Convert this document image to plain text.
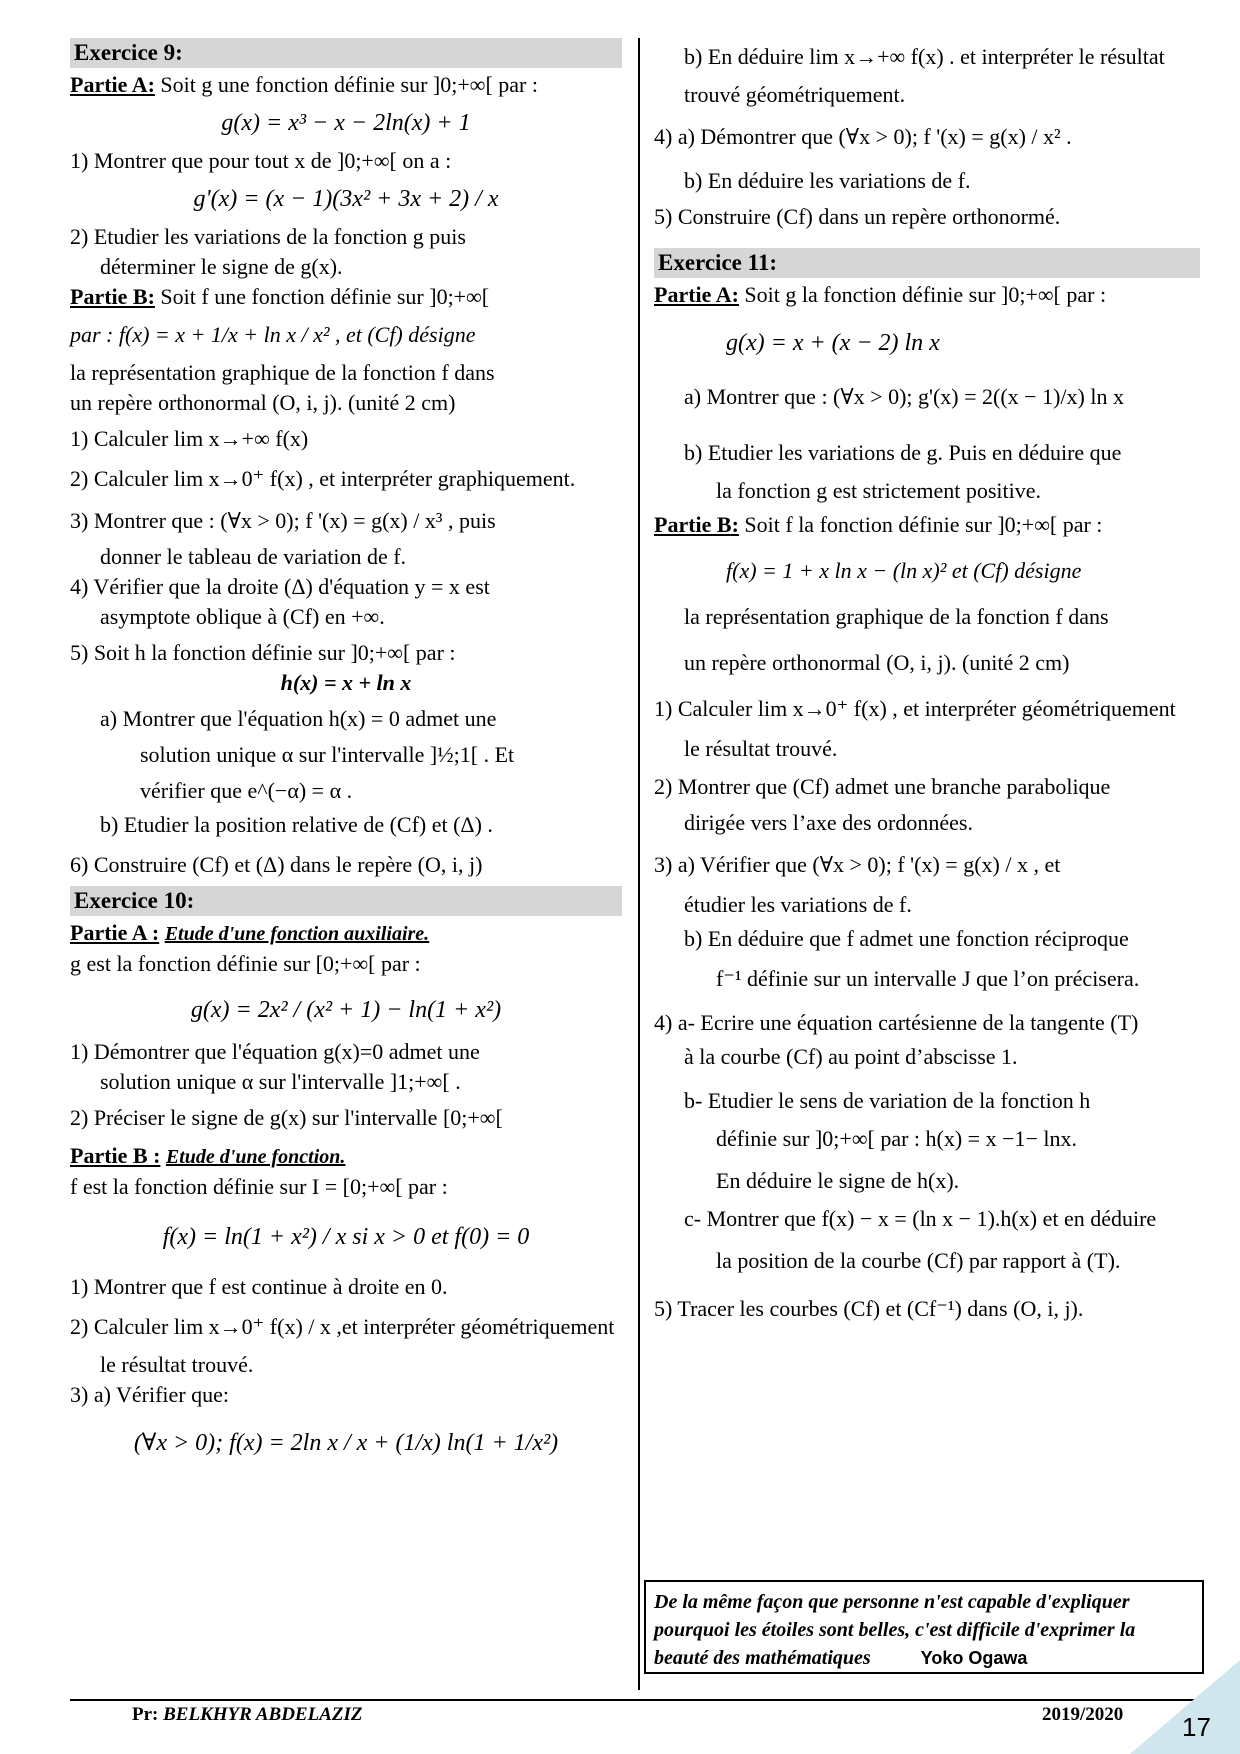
Exercice 9:

Partie A: Soit g une fonction définie sur ]0;+∞[ par :

g(x) = x³ − x − 2ln(x) + 1

1) Montrer que pour tout x de ]0;+∞[ on a :

g'(x) = (x − 1)(3x² + 3x + 2) / x

2) Etudier les variations de la fonction g puis

déterminer le signe de g(x).

Partie B: Soit f une fonction définie sur ]0;+∞[

par : f(x) = x + 1/x + ln x / x² , et (Cf) désigne

la représentation graphique de la fonction f dans

un repère orthonormal (O, i, j). (unité 2 cm)

1) Calculer lim x→+∞ f(x)

2) Calculer lim x→0⁺ f(x) , et interpréter graphiquement.

3) Montrer que : (∀x > 0); f '(x) = g(x) / x³ , puis

donner le tableau de variation de f.

4) Vérifier que la droite (Δ) d'équation y = x est

asymptote oblique à (Cf) en +∞.

5) Soit h la fonction définie sur ]0;+∞[ par :

h(x) = x + ln x

a) Montrer que l'équation h(x) = 0 admet une

solution unique α sur l'intervalle ]½;1[ . Et

vérifier que e^(−α) = α .

b) Etudier la position relative de (Cf) et (Δ) .

6) Construire (Cf) et (Δ) dans le repère (O, i, j)

Exercice 10:

Partie A : Etude d'une fonction auxiliaire.

g est la fonction définie sur [0;+∞[ par :

g(x) = 2x² / (x² + 1) − ln(1 + x²)

1) Démontrer que l'équation g(x)=0 admet une

solution unique α sur l'intervalle ]1;+∞[ .

2) Préciser le signe de g(x) sur l'intervalle [0;+∞[

Partie B : Etude d'une fonction.

f est la fonction définie sur I = [0;+∞[ par :

f(x) = ln(1 + x²) / x si x > 0 et f(0) = 0

1) Montrer que f est continue à droite en 0.

2) Calculer lim x→0⁺ f(x) / x ,et interpréter géométriquement

le résultat trouvé.

3) a) Vérifier que:

(∀x > 0); f(x) = 2ln x / x + (1/x) ln(1 + 1/x²)

b) En déduire lim x→+∞ f(x) . et interpréter le résultat

trouvé géométriquement.

4) a) Démontrer que (∀x > 0); f '(x) = g(x) / x² .

b) En déduire les variations de f.

5) Construire (Cf) dans un repère orthonormé.

Exercice 11:

Partie A: Soit g la fonction définie sur ]0;+∞[ par :

g(x) = x + (x − 2) ln x

a) Montrer que : (∀x > 0); g'(x) = 2((x − 1)/x) ln x

b) Etudier les variations de g. Puis en déduire que

la fonction g est strictement positive.

Partie B: Soit f la fonction définie sur ]0;+∞[ par :

f(x) = 1 + x ln x − (ln x)² et (Cf) désigne

la représentation graphique de la fonction f dans

un repère orthonormal (O, i, j). (unité 2 cm)

1) Calculer lim x→0⁺ f(x) , et interpréter géométriquement

le résultat trouvé.

2) Montrer que (Cf) admet une branche parabolique

dirigée vers l’axe des ordonnées.

3) a) Vérifier que (∀x > 0); f '(x) = g(x) / x , et

étudier les variations de f.

b) En déduire que f admet une fonction réciproque

f⁻¹ définie sur un intervalle J que l’on précisera.

4) a- Ecrire une équation cartésienne de la tangente (T)

à la courbe (Cf) au point d’abscisse 1.

b- Etudier le sens de variation de la fonction h

définie sur ]0;+∞[ par : h(x) = x −1− lnx.

En déduire le signe de h(x).

c- Montrer que f(x) − x = (ln x − 1).h(x) et en déduire

la position de la courbe (Cf) par rapport à (T).

5) Tracer les courbes (Cf) et (Cf⁻¹) dans (O, i, j).

De la même façon que personne n'est capable d'expliquer
pourquoi les étoiles sont belles, c'est difficile d'exprimer la
beauté des mathématiques	Yoko Ogawa
Pr: BELKHYR ABDELAZIZ	2019/2020 17
